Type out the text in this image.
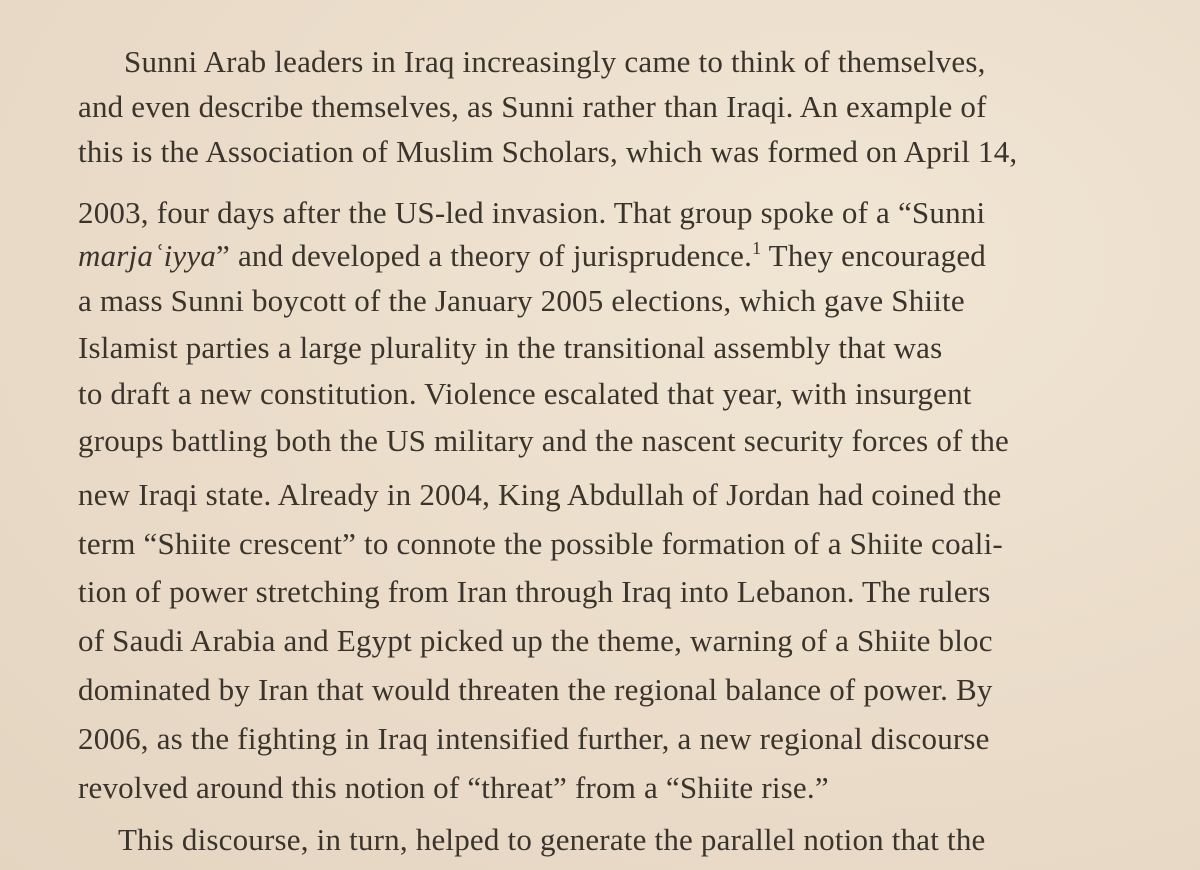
Sunni Arab leaders in Iraq increasingly came to think of themselves,
and even describe themselves, as Sunni rather than Iraqi. An example of
this is the Association of Muslim Scholars, which was formed on April 14,
2003, four days after the US-led invasion. That group spoke of a “Sunni
marjaʿiyya” and developed a theory of jurisprudence.$^1$ They encouraged
a mass Sunni boycott of the January 2005 elections, which gave Shiite
Islamist parties a large plurality in the transitional assembly that was
to draft a new constitution. Violence escalated that year, with insurgent
groups battling both the US military and the nascent security forces of the
new Iraqi state. Already in 2004, King Abdullah of Jordan had coined the
term “Shiite crescent” to connote the possible formation of a Shiite coali-
tion of power stretching from Iran through Iraq into Lebanon. The rulers
of Saudi Arabia and Egypt picked up the theme, warning of a Shiite bloc
dominated by Iran that would threaten the regional balance of power. By
2006, as the fighting in Iraq intensified further, a new regional discourse
revolved around this notion of “threat” from a “Shiite rise.”
This discourse, in turn, helped to generate the parallel notion that the
